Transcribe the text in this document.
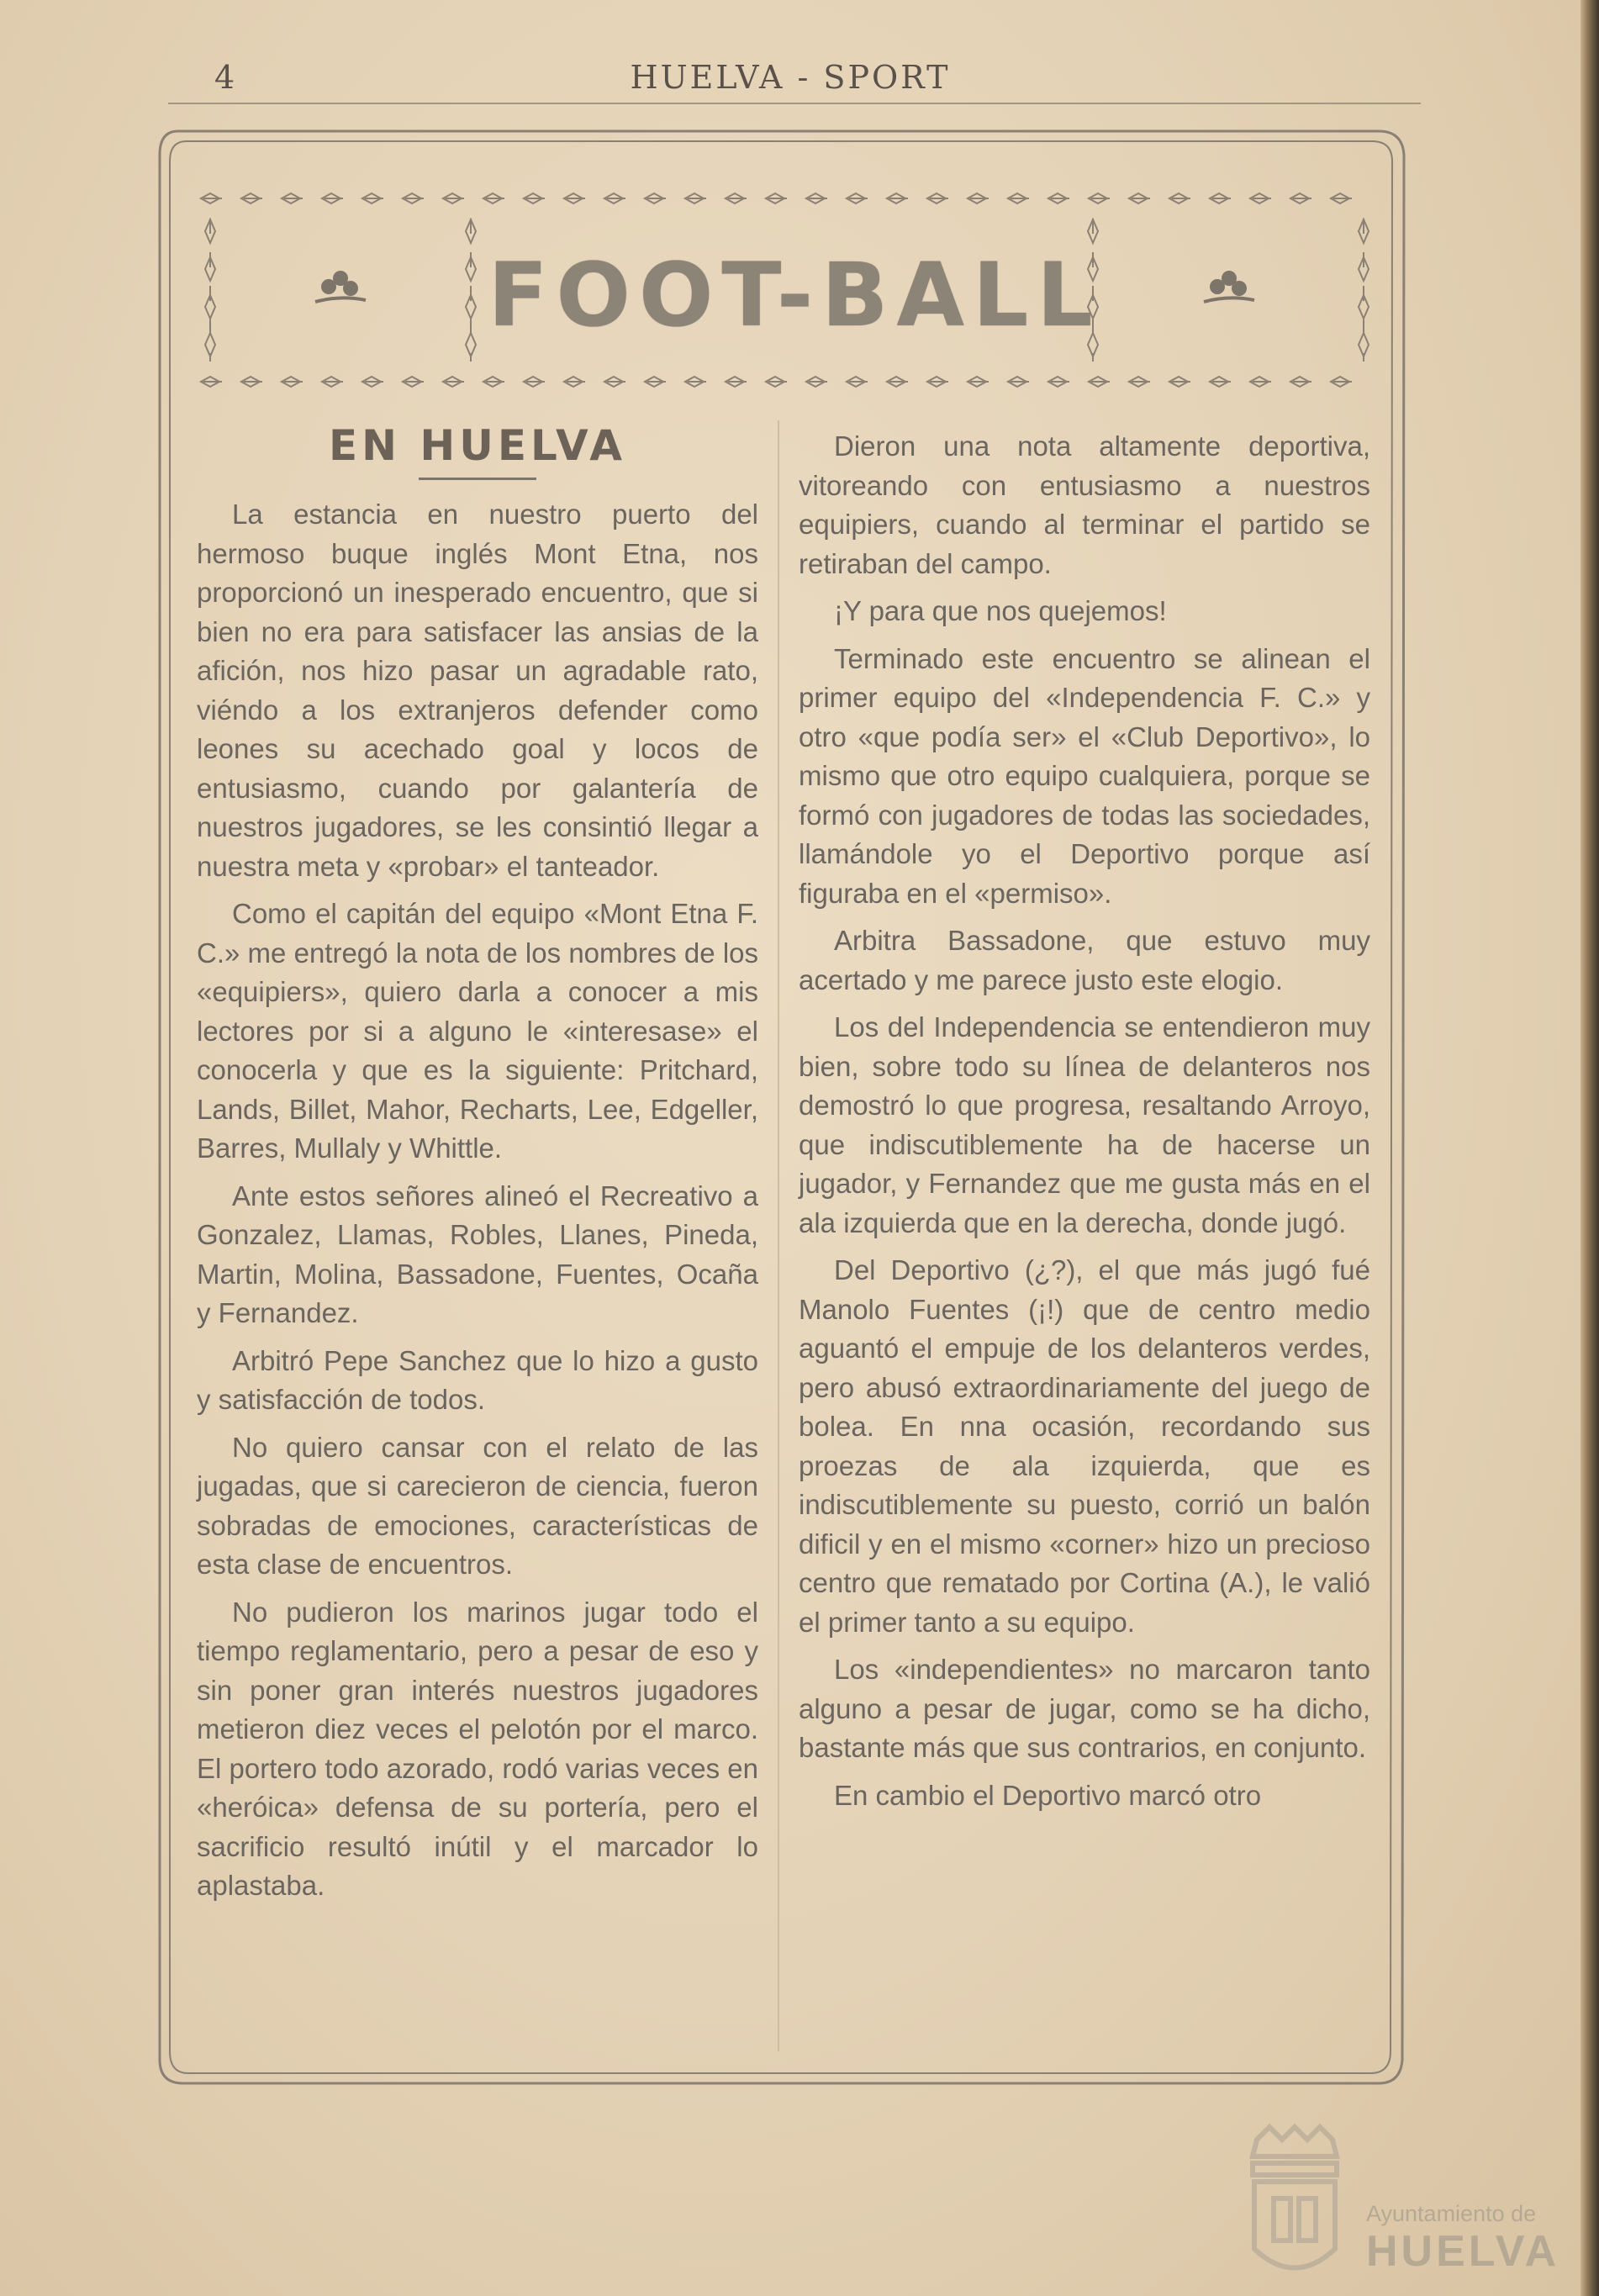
4	HUELVA - SPORT
FOOT-BALL
EN HUELVA

La estancia en nuestro puerto del hermoso buque inglés Mont Etna, nos proporcionó un inesperado encuentro, que si bien no era para satisfacer las ansias de la afición, nos hizo pasar un agradable rato, viéndo a los extranjeros defender como leones su acechado goal y locos de entusiasmo, cuando por galantería de nuestros jugadores, se les consintió llegar a nuestra meta y «probar» el tanteador.

Como el capitán del equipo «Mont Etna F. C.» me entregó la nota de los nombres de los «equipiers», quiero darla a conocer a mis lectores por si a alguno le «interesase» el conocerla y que es la siguiente: Pritchard, Lands, Billet, Mahor, Recharts, Lee, Edgeller, Barres, Mullaly y Whittle.

Ante estos señores alineó el Recreativo a Gonzalez, Llamas, Robles, Llanes, Pineda, Martin, Molina, Bassadone, Fuentes, Ocaña y Fernandez.

Arbitró Pepe Sanchez que lo hizo a gusto y satisfacción de todos.

No quiero cansar con el relato de las jugadas, que si carecieron de ciencia, fueron sobradas de emociones, características de esta clase de encuentros.

No pudieron los marinos jugar todo el tiempo reglamentario, pero a pesar de eso y sin poner gran interés nuestros jugadores metieron diez veces el pelotón por el marco. El portero todo azorado, rodó varias veces en «heróica» defensa de su portería, pero el sacrificio resultó inútil y el marcador lo aplastaba.

Dieron una nota altamente deportiva, vitoreando con entusiasmo a nuestros equipiers, cuando al terminar el partido se retiraban del campo.

¡Y para que nos quejemos!

Terminado este encuentro se alinean el primer equipo del «Independencia F. C.» y otro «que podía ser» el «Club Deportivo», lo mismo que otro equipo cualquiera, porque se formó con jugadores de todas las sociedades, llamándole yo el Deportivo porque así figuraba en el «permiso».

Arbitra Bassadone, que estuvo muy acertado y me parece justo este elogio.

Los del Independencia se entendieron muy bien, sobre todo su línea de delanteros nos demostró lo que progresa, resaltando Arroyo, que indiscutiblemente ha de hacerse un jugador, y Fernandez que me gusta más en el ala izquierda que en la derecha, donde jugó.

Del Deportivo (¿?), el que más jugó fué Manolo Fuentes (¡!) que de centro medio aguantó el empuje de los delanteros verdes, pero abusó extraordinariamente del juego de bolea. En nna ocasión, recordando sus proezas de ala izquierda, que es indiscutiblemente su puesto, corrió un balón dificil y en el mismo «corner» hizo un precioso centro que rematado por Cortina (A.), le valió el primer tanto a su equipo.

Los «independientes» no marcaron tanto alguno a pesar de jugar, como se ha dicho, bastante más que sus contrarios, en conjunto.

En cambio el Deportivo marcó otro

Ayuntamiento de
HUELVA
